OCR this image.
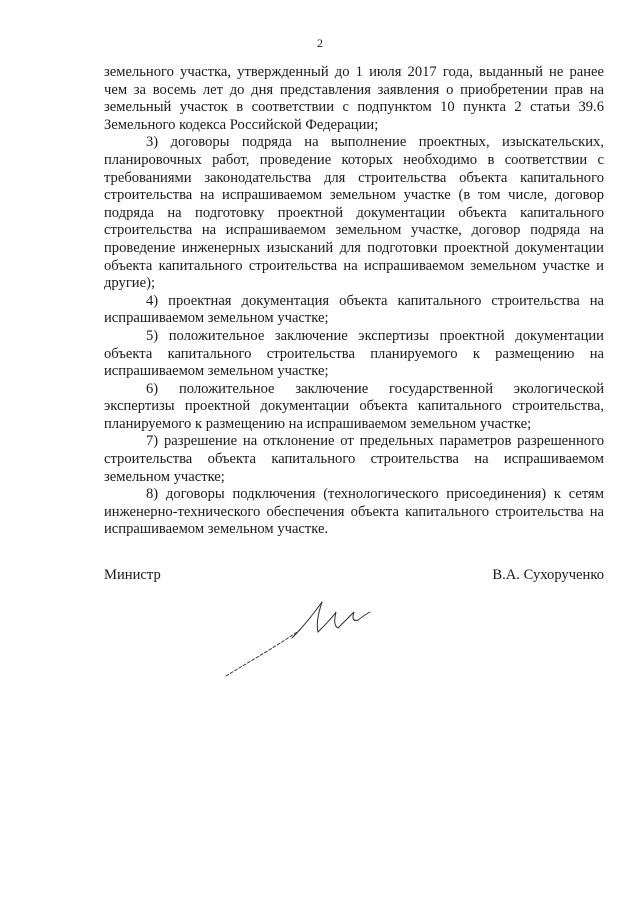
2

земельного участка, утвержденный до 1 июля 2017 года, выданный не ранее чем за восемь лет до дня представления заявления о приобретении прав на земельный участок в соответствии с подпунктом 10 пункта 2 статьи 39.6 Земельного кодекса Российской Федерации;

3) договоры подряда на выполнение проектных, изыскательских, планировочных работ, проведение которых необходимо в соответствии с требованиями законодательства для строительства объекта капитального строительства на испрашиваемом земельном участке (в том числе, договор подряда на подготовку проектной документации объекта капитального строительства на испрашиваемом земельном участке, договор подряда на проведение инженерных изысканий для подготовки проектной документации объекта капитального строительства на испрашиваемом земельном участке и другие);

4) проектная документация объекта капитального строительства на испрашиваемом земельном участке;

5) положительное заключение экспертизы проектной документации объекта капитального строительства планируемого к размещению на испрашиваемом земельном участке;

6) положительное заключение государственной экологической экспертизы проектной документации объекта капитального строительства, планируемого к размещению на испрашиваемом земельном участке;

7) разрешение на отклонение от предельных параметров разрешенного строительства объекта капитального строительства на испрашиваемом земельном участке;

8) договоры подключения (технологического присоединения) к сетям инженерно-технического обеспечения объекта капитального строительства на испрашиваемом земельном участке.

Министр	В.А. Сухорученко
